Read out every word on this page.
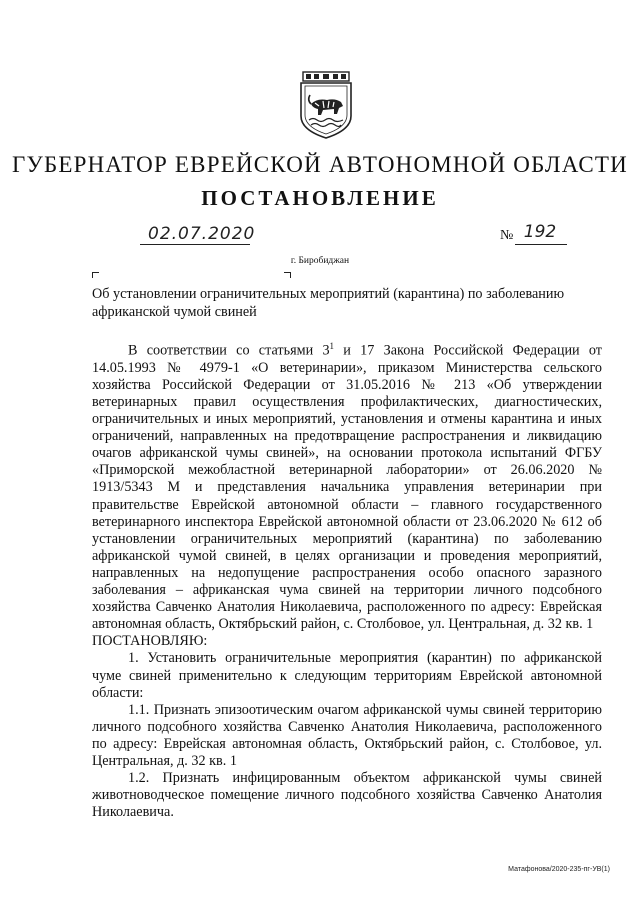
ГУБЕРНАТОР ЕВРЕЙСКОЙ АВТОНОМНОЙ ОБЛАСТИ
ПОСТАНОВЛЕНИЕ
02.07.2020	№ 192
г. Биробиджан
Об установлении ограничительных мероприятий (карантина) по заболеванию африканской чумой свиней

В соответствии со статьями $3^1$ и 17 Закона Российской Федерации от 14.05.1993 № 4979-1 «О ветеринарии», приказом Министерства сельского хозяйства Российской Федерации от 31.05.2016 № 213 «Об утверждении ветеринарных правил осуществления профилактических, диагностических, ограничительных и иных мероприятий, установления и отмены карантина и иных ограничений, направленных на предотвращение распространения и ликвидацию очагов африканской чумы свиней», на основании протокола испытаний ФГБУ «Приморской межобластной ветеринарной лаборатории» от 26.06.2020 № 1913/5343 М и представления начальника управления ветеринарии при правительстве Еврейской автономной области – главного государственного ветеринарного инспектора Еврейской автономной области от 23.06.2020 № 612 об установлении ограничительных мероприятий (карантина) по заболеванию африканской чумой свиней, в целях организации и проведения мероприятий, направленных на недопущение распространения особо опасного заразного заболевания – африканская чума свиней на территории личного подсобного хозяйства Савченко Анатолия Николаевича, расположенного по адресу: Еврейская автономная область, Октябрьский район, с. Столбовое, ул. Центральная, д. 32 кв. 1

ПОСТАНОВЛЯЮ:

1. Установить ограничительные мероприятия (карантин) по африканской чуме свиней применительно к следующим территориям Еврейской автономной области:

1.1. Признать эпизоотическим очагом африканской чумы свиней территорию личного подсобного хозяйства Савченко Анатолия Николаевича, расположенного по адресу: Еврейская автономная область, Октябрьский район, с. Столбовое, ул. Центральная, д. 32 кв. 1

1.2. Признать инфицированным объектом африканской чумы свиней животноводческое помещение личного подсобного хозяйства Савченко Анатолия Николаевича.

Матафонова/2020-235-пг-УВ(1)
